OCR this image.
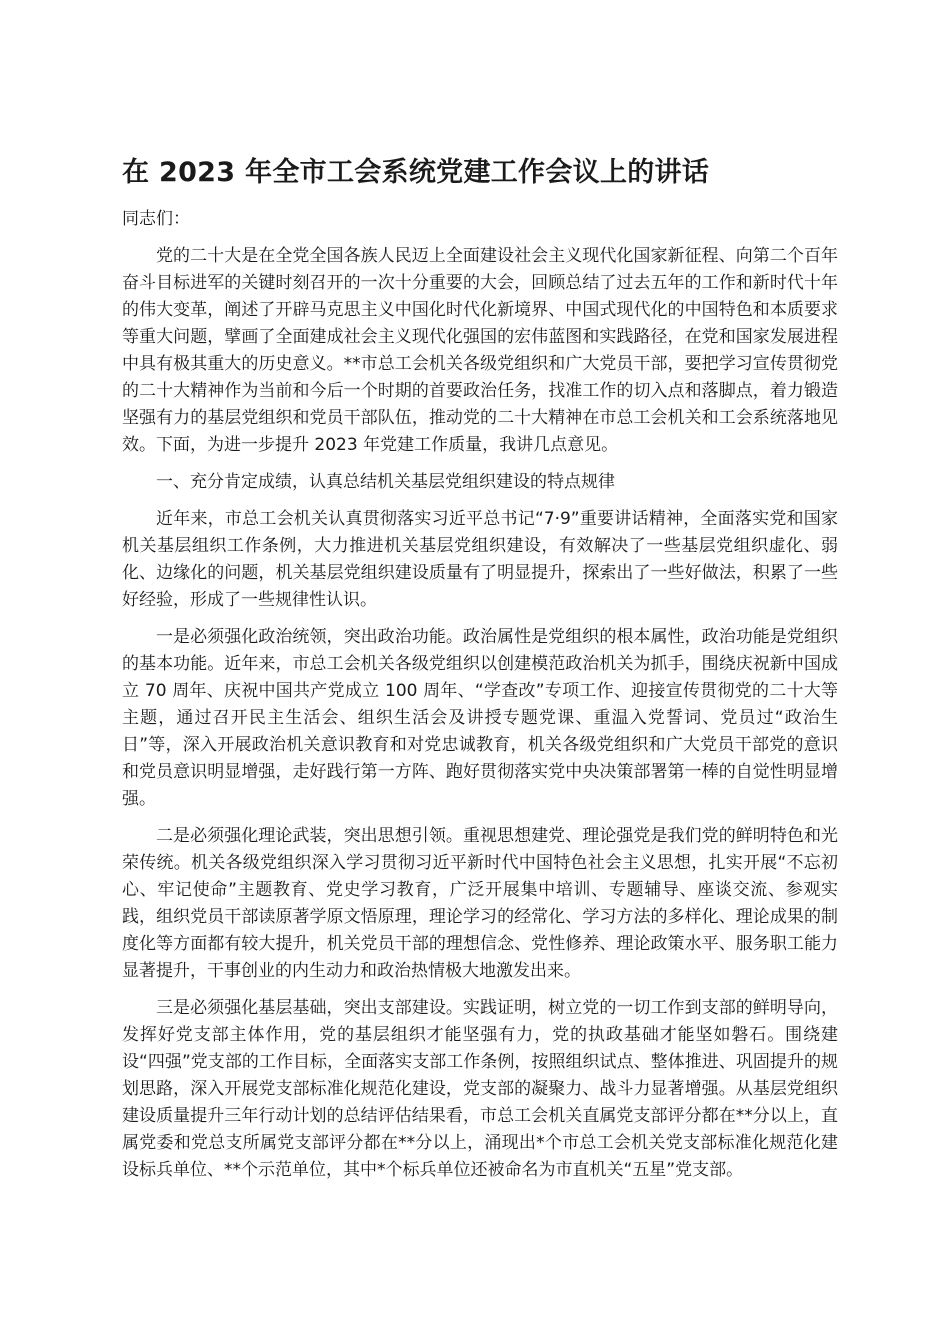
在 2023 年全市工会系统党建工作会议上的讲话

同志们：

党的二十大是在全党全国各族人民迈上全面建设社会主义现代化国家新征程、向第二个百年奋斗目标进军的关键时刻召开的一次十分重要的大会，回顾总结了过去五年的工作和新时代十年的伟大变革，阐述了开辟马克思主义中国化时代化新境界、中国式现代化的中国特色和本质要求等重大问题，擘画了全面建成社会主义现代化强国的宏伟蓝图和实践路径，在党和国家发展进程中具有极其重大的历史意义。**市总工会机关各级党组织和广大党员干部，要把学习宣传贯彻党的二十大精神作为当前和今后一个时期的首要政治任务，找准工作的切入点和落脚点，着力锻造坚强有力的基层党组织和党员干部队伍，推动党的二十大精神在市总工会机关和工会系统落地见效。下面，为进一步提升 2023 年党建工作质量，我讲几点意见。

一、充分肯定成绩，认真总结机关基层党组织建设的特点规律

近年来，市总工会机关认真贯彻落实习近平总书记“7·9”重要讲话精神，全面落实党和国家机关基层组织工作条例，大力推进机关基层党组织建设，有效解决了一些基层党组织虚化、弱化、边缘化的问题，机关基层党组织建设质量有了明显提升，探索出了一些好做法，积累了一些好经验，形成了一些规律性认识。

一是必须强化政治统领，突出政治功能。政治属性是党组织的根本属性，政治功能是党组织的基本功能。近年来，市总工会机关各级党组织以创建模范政治机关为抓手，围绕庆祝新中国成立 70 周年、庆祝中国共产党成立 100 周年、“学查改”专项工作、迎接宣传贯彻党的二十大等主题，通过召开民主生活会、组织生活会及讲授专题党课、重温入党誓词、党员过“政治生日”等，深入开展政治机关意识教育和对党忠诚教育，机关各级党组织和广大党员干部党的意识和党员意识明显增强，走好践行第一方阵、跑好贯彻落实党中央决策部署第一棒的自觉性明显增强。

二是必须强化理论武装，突出思想引领。重视思想建党、理论强党是我们党的鲜明特色和光荣传统。机关各级党组织深入学习贯彻习近平新时代中国特色社会主义思想，扎实开展“不忘初心、牢记使命”主题教育、党史学习教育，广泛开展集中培训、专题辅导、座谈交流、参观实践，组织党员干部读原著学原文悟原理，理论学习的经常化、学习方法的多样化、理论成果的制度化等方面都有较大提升，机关党员干部的理想信念、党性修养、理论政策水平、服务职工能力显著提升，干事创业的内生动力和政治热情极大地激发出来。

三是必须强化基层基础，突出支部建设。实践证明，树立党的一切工作到支部的鲜明导向，发挥好党支部主体作用，党的基层组织才能坚强有力，党的执政基础才能坚如磐石。围绕建设“四强”党支部的工作目标，全面落实支部工作条例，按照组织试点、整体推进、巩固提升的规划思路，深入开展党支部标准化规范化建设，党支部的凝聚力、战斗力显著增强。从基层党组织建设质量提升三年行动计划的总结评估结果看，市总工会机关直属党支部评分都在**分以上，直属党委和党总支所属党支部评分都在**分以上，涌现出*个市总工会机关党支部标准化规范化建设标兵单位、**个示范单位，其中*个标兵单位还被命名为市直机关“五星”党支部。
